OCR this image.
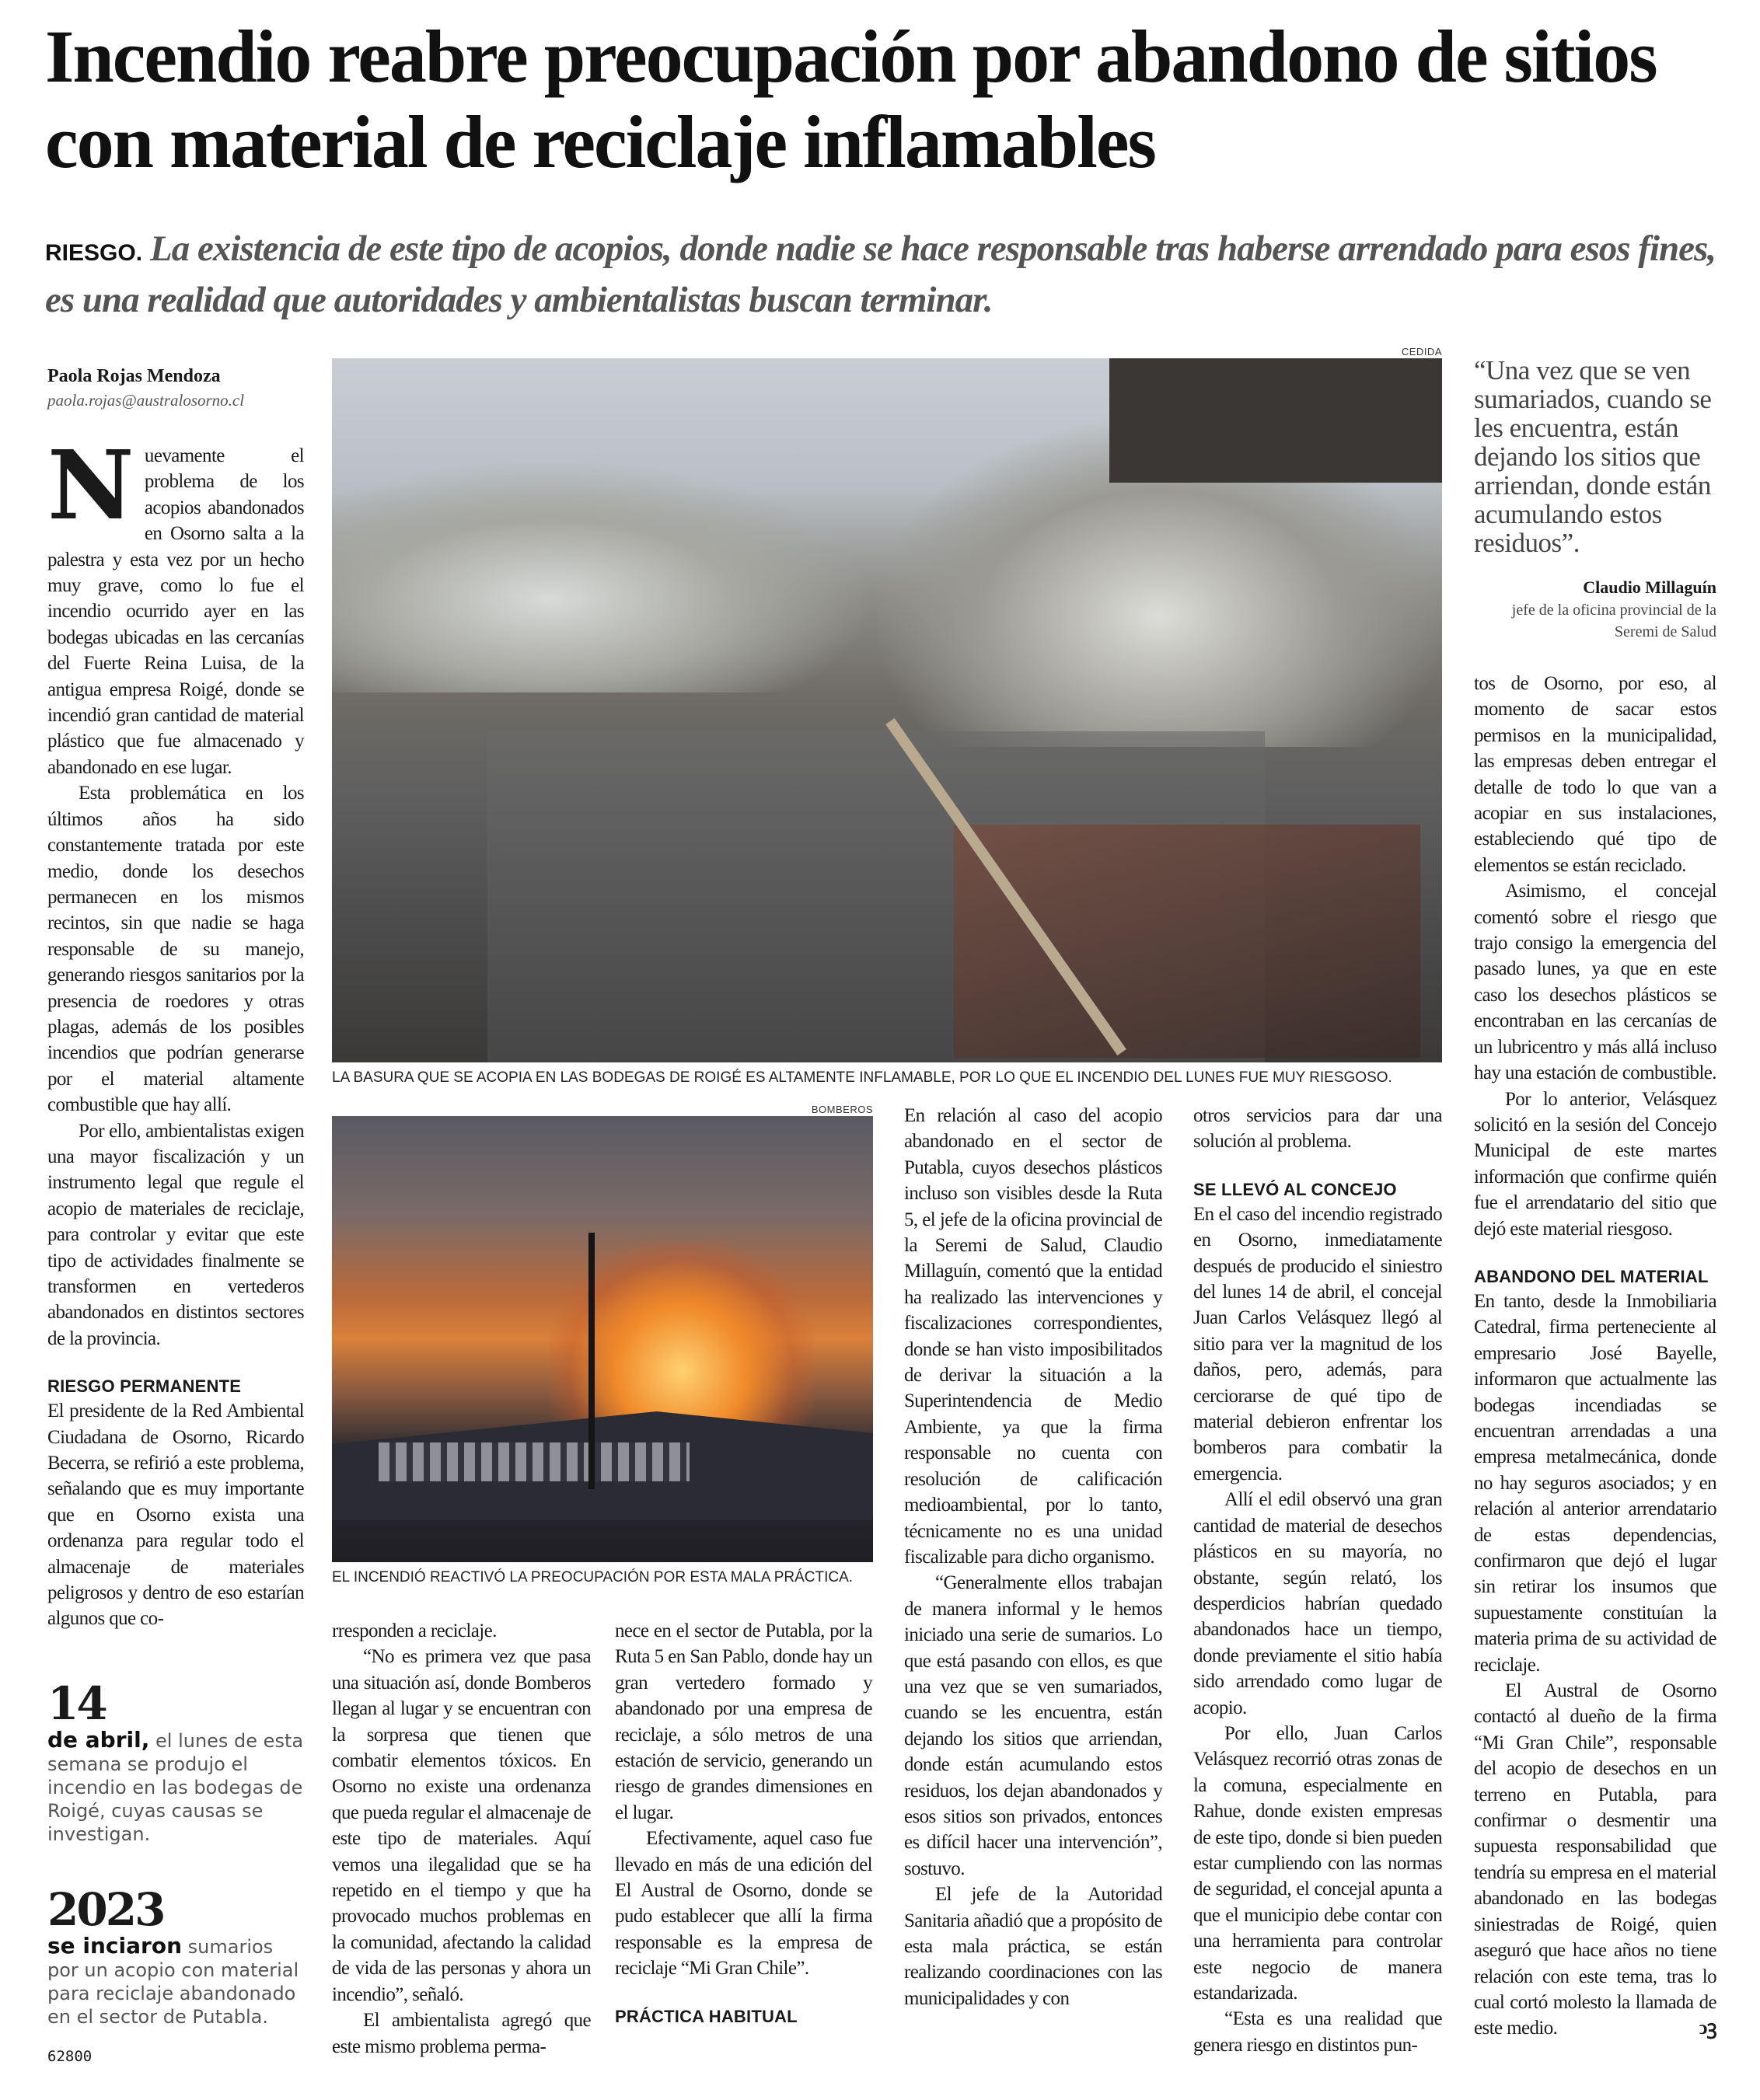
Incendio reabre preocupación por abandono de sitios con material de reciclaje inflamables
RIESGO. La existencia de este tipo de acopios, donde nadie se hace responsable tras haberse arrendado para esos fines, es una realidad que autoridades y ambientalistas buscan terminar.
Paola Rojas Mendoza
paola.rojas@australosorno.cl

Nuevamente el problema de los acopios abandonados en Osorno salta a la palestra y esta vez por un hecho muy grave, como lo fue el incendio ocurrido ayer en las bodegas ubicadas en las cercanías del Fuerte Reina Luisa, de la antigua empresa Roigé, donde se incendió gran cantidad de material plástico que fue almacenado y abandonado en ese lugar.

Esta problemática en los últimos años ha sido constantemente tratada por este medio, donde los desechos permanecen en los mismos recintos, sin que nadie se haga responsable de su manejo, generando riesgos sanitarios por la presencia de roedores y otras plagas, además de los posibles incendios que podrían generarse por el material altamente combustible que hay allí.

Por ello, ambientalistas exigen una mayor fiscalización y un instrumento legal que regule el acopio de materiales de reciclaje, para controlar y evitar que este tipo de actividades finalmente se transformen en vertederos abandonados en distintos sectores de la provincia.

RIESGO PERMANENTE

El presidente de la Red Ambiental Ciudadana de Osorno, Ricardo Becerra, se refirió a este problema, señalando que es muy importante que en Osorno exista una ordenanza para regular todo el almacenaje de materiales peligrosos y dentro de eso estarían algunos que co-

14
de abril, el lunes de esta semana se produjo el incendio en las bodegas de Roigé, cuyas causas se investigan.
2023
se inciaron sumarios por un acopio con material para reciclaje abandonado en el sector de Putabla.
62800
CEDIDA
LA BASURA QUE SE ACOPIA EN LAS BODEGAS DE ROIGÉ ES ALTAMENTE INFLAMABLE, POR LO QUE EL INCENDIO DEL LUNES FUE MUY RIESGOSO.
BOMBEROS
EL INCENDIÓ REACTIVÓ LA PREOCUPACIÓN POR ESTA MALA PRÁCTICA.

rresponden a reciclaje.

“No es primera vez que pasa una situación así, donde Bomberos llegan al lugar y se encuentran con la sorpresa que tienen que combatir elementos tóxicos. En Osorno no existe una ordenanza que pueda regular el almacenaje de este tipo de materiales. Aquí vemos una ilegalidad que se ha repetido en el tiempo y que ha provocado muchos problemas en la comunidad, afectando la calidad de vida de las personas y ahora un incendio”, señaló.

El ambientalista agregó que este mismo problema perma-

nece en el sector de Putabla, por la Ruta 5 en San Pablo, donde hay un gran vertedero formado y abandonado por una empresa de reciclaje, a sólo metros de una estación de servicio, generando un riesgo de grandes dimensiones en el lugar.

Efectivamente, aquel caso fue llevado en más de una edición del El Austral de Osorno, donde se pudo establecer que allí la firma responsable es la empresa de reciclaje “Mi Gran Chile”.

PRÁCTICA HABITUAL

En relación al caso del acopio abandonado en el sector de Putabla, cuyos desechos plásticos incluso son visibles desde la Ruta 5, el jefe de la oficina provincial de la Seremi de Salud, Claudio Millaguín, comentó que la entidad ha realizado las intervenciones y fiscalizaciones correspondientes, donde se han visto imposibilitados de derivar la situación a la Superintendencia de Medio Ambiente, ya que la firma responsable no cuenta con resolución de calificación medioambiental, por lo tanto, técnicamente no es una unidad fiscalizable para dicho organismo.

“Generalmente ellos trabajan de manera informal y le hemos iniciado una serie de sumarios. Lo que está pasando con ellos, es que una vez que se ven sumariados, cuando se les encuentra, están dejando los sitios que arriendan, donde están acumulando estos residuos, los dejan abandonados y esos sitios son privados, entonces es difícil hacer una intervención”, sostuvo.

El jefe de la Autoridad Sanitaria añadió que a propósito de esta mala práctica, se están realizando coordinaciones con las municipalidades y con

otros servicios para dar una solución al problema.

SE LLEVÓ AL CONCEJO

En el caso del incendio registrado en Osorno, inmediatamente después de producido el siniestro del lunes 14 de abril, el concejal Juan Carlos Velásquez llegó al sitio para ver la magnitud de los daños, pero, además, para cerciorarse de qué tipo de material debieron enfrentar los bomberos para combatir la emergencia.

Allí el edil observó una gran cantidad de material de desechos plásticos en su mayoría, no obstante, según relató, los desperdicios habrían quedado abandonados hace un tiempo, donde previamente el sitio había sido arrendado como lugar de acopio.

Por ello, Juan Carlos Velásquez recorrió otras zonas de la comuna, especialmente en Rahue, donde existen empresas de este tipo, donde si bien pueden estar cumpliendo con las normas de seguridad, el concejal apunta a que el municipio debe contar con una herramienta para controlar este negocio de manera estandarizada.

“Esta es una realidad que genera riesgo en distintos pun-

“Una vez que se ven sumariados, cuando se les encuentra, están dejando los sitios que arriendan, donde están acumulando estos residuos”.
Claudio Millaguín
jefe de la oficina provincial de la Seremi de Salud

tos de Osorno, por eso, al momento de sacar estos permisos en la municipalidad, las empresas deben entregar el detalle de todo lo que van a acopiar en sus instalaciones, estableciendo qué tipo de elementos se están reciclado.

Asimismo, el concejal comentó sobre el riesgo que trajo consigo la emergencia del pasado lunes, ya que en este caso los desechos plásticos se encontraban en las cercanías de un lubricentro y más allá incluso hay una estación de combustible.

Por lo anterior, Velásquez solicitó en la sesión del Concejo Municipal de este martes información que confirme quién fue el arrendatario del sitio que dejó este material riesgoso.

ABANDONO DEL MATERIAL

En tanto, desde la Inmobiliaria Catedral, firma perteneciente al empresario José Bayelle, informaron que actualmente las bodegas incendiadas se encuentran arrendadas a una empresa metalmecánica, donde no hay seguros asociados; y en relación al anterior arrendatario de estas dependencias, confirmaron que dejó el lugar sin retirar los insumos que supuestamente constituían la materia prima de su actividad de reciclaje.

El Austral de Osorno contactó al dueño de la firma “Mi Gran Chile”, responsable del acopio de desechos en un terreno en Putabla, para confirmar o desmentir una supuesta responsabilidad que tendría su empresa en el material abandonado en las bodegas siniestradas de Roigé, quien aseguró que hace años no tiene relación con este tema, tras lo cual cortó molesto la llamada de este medio.	ↄꝫ
